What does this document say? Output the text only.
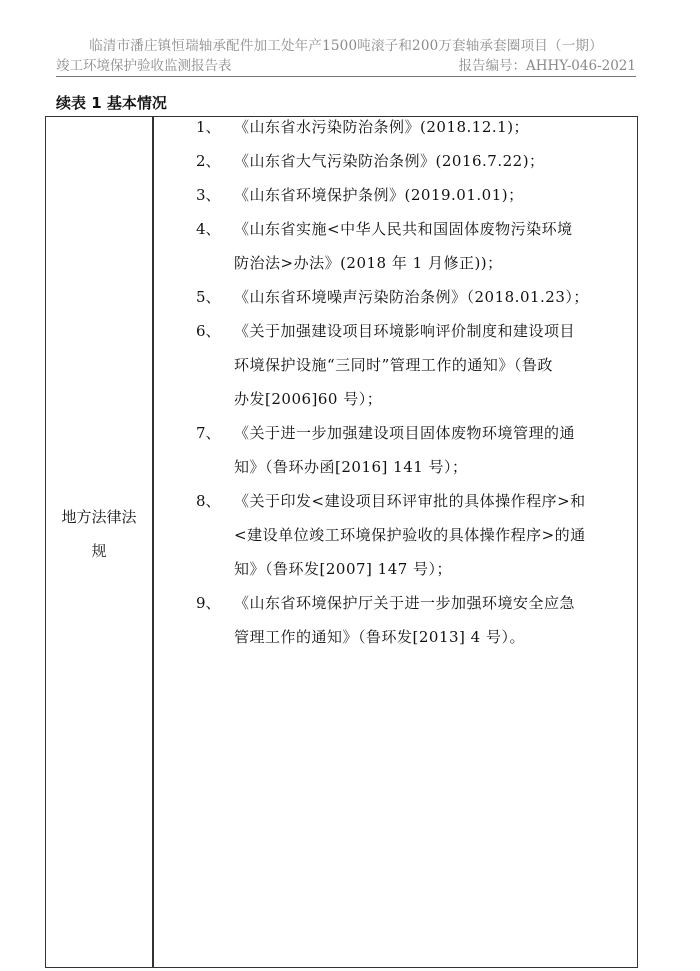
临清市潘庄镇恒瑞轴承配件加工处年产1500吨滚子和200万套轴承套圈项目（一期）
竣工环境保护验收监测报告表	报告编号：AHHY-046-2021
续表 1 基本情况
地方法律法
规
1、 《山东省水污染防治条例》(2018.12.1)；
2、 《山东省大气污染防治条例》(2016.7.22)；
3、 《山东省环境保护条例》(2019.01.01)；
4、 《山东省实施<中华人民共和国固体废物污染环境
防治法>办法》(2018 年 1 月修正))；
5、 《山东省环境噪声污染防治条例》（2018.01.23）；
6、 《关于加强建设项目环境影响评价制度和建设项目
环境保护设施“三同时”管理工作的通知》（鲁政
办发[2006]60 号）；
7、 《关于进一步加强建设项目固体废物环境管理的通
知》（鲁环办函[2016] 141 号）；
8、 《关于印发<建设项目环评审批的具体操作程序>和
<建设单位竣工环境保护验收的具体操作程序>的通
知》（鲁环发[2007] 147 号）；
9、 《山东省环境保护厅关于进一步加强环境安全应急
管理工作的通知》（鲁环发[2013] 4 号）。
